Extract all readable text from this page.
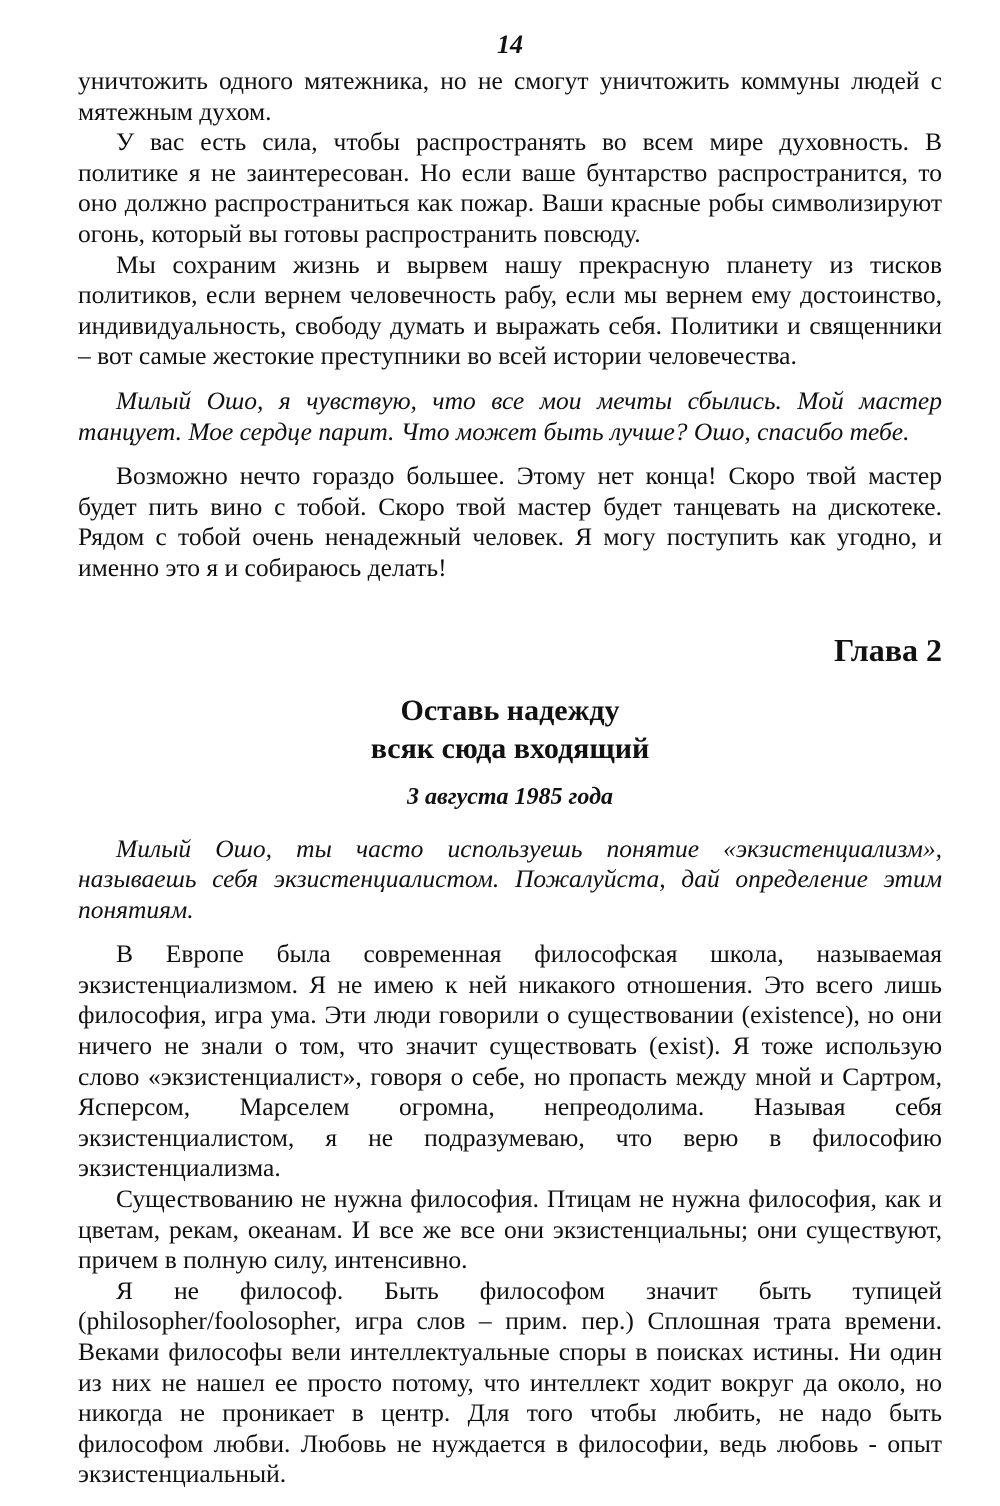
14

уничтожить одного мятежника, но не смогут уничтожить коммуны людей с мятежным духом.

У вас есть сила, чтобы распространять во всем мире духовность. В политике я не заинтересован. Но если ваше бунтарство распространится, то оно должно распространиться как пожар. Ваши красные робы символизируют огонь, который вы готовы распространить повсюду.

Мы сохраним жизнь и вырвем нашу прекрасную планету из тисков политиков, если вернем человечность рабу, если мы вернем ему достоинство, индивидуальность, свободу думать и выражать себя. Политики и священники – вот самые жестокие преступники во всей истории человечества.

Милый Ошо, я чувствую, что все мои мечты сбылись. Мой мастер танцует. Мое сердце парит. Что может быть лучше? Ошо, спасибо тебе.

Возможно нечто гораздо большее. Этому нет конца! Скоро твой мастер будет пить вино с тобой. Скоро твой мастер будет танцевать на дискотеке. Рядом с тобой очень ненадежный человек. Я могу поступить как угодно, и именно это я и собираюсь делать!

Глава 2
Оставь надежду
всяк сюда входящий
3 августа 1985 года

Милый Ошо, ты часто используешь понятие «экзистенциализм», называешь себя экзистенциалистом. Пожалуйста, дай определение этим понятиям.

В Европе была современная философская школа, называемая экзистенциализмом. Я не имею к ней никакого отношения. Это всего лишь философия, игра ума. Эти люди говорили о существовании (existence), но они ничего не знали о том, что значит существовать (exist). Я тоже использую слово «экзистенциалист», говоря о себе, но пропасть между мной и Сартром, Ясперсом, Марселем огромна, непреодолима. Называя себя экзистенциалистом, я не подразумеваю, что верю в философию экзистенциализма.

Существованию не нужна философия. Птицам не нужна философия, как и цветам, рекам, океанам. И все же все они экзистенциальны; они существуют, причем в полную силу, интенсивно.

Я не философ. Быть философом значит быть тупицей (philosopher/foolosopher, игра слов – прим. пер.) Сплошная трата времени. Веками философы вели интеллектуальные споры в поисках истины. Ни один из них не нашел ее просто потому, что интеллект ходит вокруг да около, но никогда не проникает в центр. Для того чтобы любить, не надо быть философом любви. Любовь не нуждается в философии, ведь любовь - опыт экзистенциальный.
